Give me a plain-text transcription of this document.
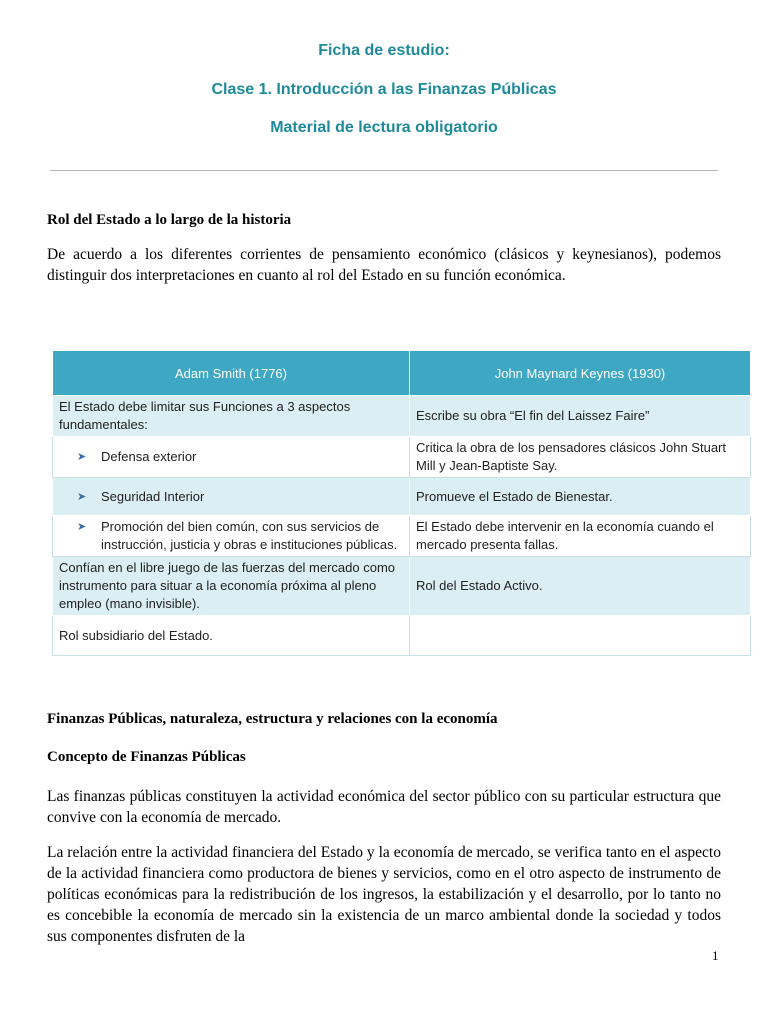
Ficha de estudio:
Clase 1. Introducción a las Finanzas Públicas
Material de lectura obligatorio
Rol del Estado a lo largo de la historia
De acuerdo a los diferentes corrientes de pensamiento económico (clásicos y keynesianos), podemos distinguir dos interpretaciones en cuanto al rol del Estado en su función económica.
Adam Smith (1776)	John Maynard Keynes (1930)
El Estado debe limitar sus Funciones a 3 aspectos fundamentales:	Escribe su obra “El fin del Laissez Faire”

➤ Defensa exterior	Critica la obra de los pensadores clásicos John Stuart Mill y Jean-Baptiste Say.

➤ Seguridad Interior	Promueve el Estado de Bienestar.

➤ Promoción del bien común, con sus servicios de instrucción, justicia y obras e instituciones públicas.	El Estado debe intervenir en la economía cuando el mercado presenta fallas.
Confían en el libre juego de las fuerzas del mercado como instrumento para situar a la economía próxima al pleno empleo (mano invisible).	Rol del Estado Activo.
Rol subsidiario del Estado.	
Finanzas Públicas, naturaleza, estructura y relaciones con la economía
Concepto de Finanzas Públicas
Las finanzas públicas constituyen la actividad económica del sector público con su particular estructura que convive con la economía de mercado.
La relación entre la actividad financiera del Estado y la economía de mercado, se verifica tanto en el aspecto de la actividad financiera como productora de bienes y servicios, como en el otro aspecto de instrumento de políticas económicas para la redistribución de los ingresos, la estabilización y el desarrollo, por lo tanto no es concebible la economía de mercado sin la existencia de un marco ambiental donde la sociedad y todos sus componentes disfruten de la
1
